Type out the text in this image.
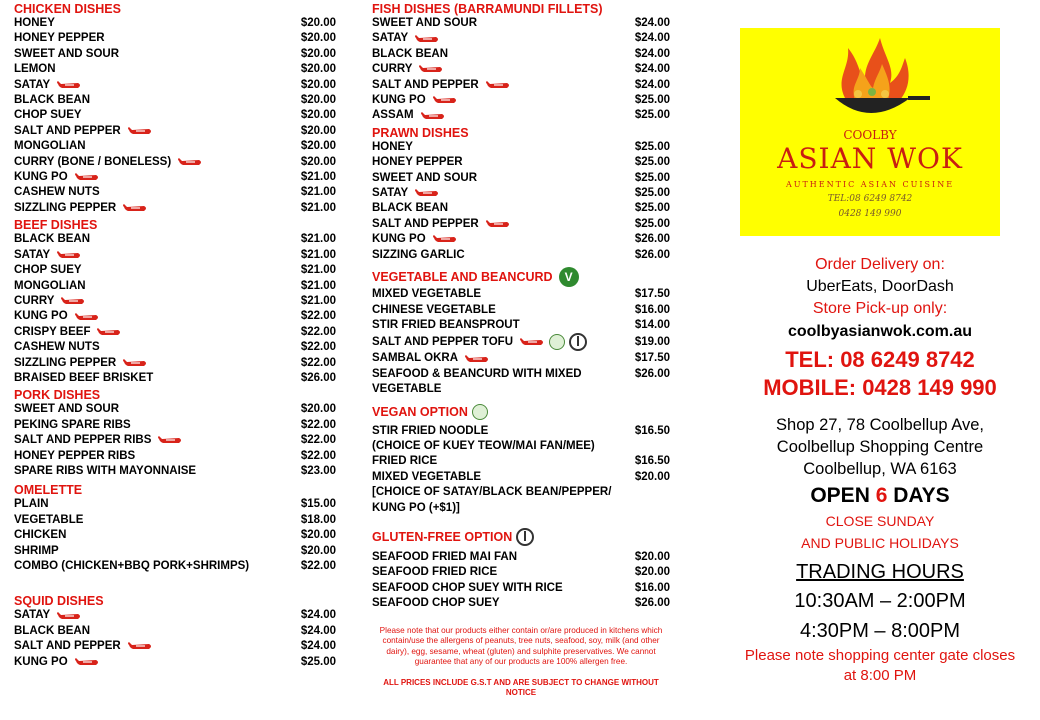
CHICKEN DISHES
HONEY	$20.00
HONEY PEPPER	$20.00
SWEET AND SOUR	$20.00
LEMON	$20.00
SATAY	$20.00
BLACK BEAN	$20.00
CHOP SUEY	$20.00
SALT AND PEPPER	$20.00
MONGOLIAN	$20.00
CURRY (BONE / BONELESS)	$20.00
KUNG PO	$21.00
CASHEW NUTS	$21.00
SIZZLING PEPPER	$21.00
BEEF DISHES
BLACK BEAN	$21.00
SATAY	$21.00
CHOP SUEY	$21.00
MONGOLIAN	$21.00
CURRY	$21.00
KUNG PO	$22.00
CRISPY BEEF	$22.00
CASHEW NUTS	$22.00
SIZZLING PEPPER	$22.00
BRAISED BEEF BRISKET	$26.00
PORK DISHES
SWEET AND SOUR	$20.00
PEKING SPARE RIBS	$22.00
SALT AND PEPPER RIBS	$22.00
HONEY PEPPER RIBS	$22.00
SPARE RIBS WITH MAYONNAISE	$23.00
OMELETTE
PLAIN	$15.00
VEGETABLE	$18.00
CHICKEN	$20.00
SHRIMP	$20.00
COMBO (CHICKEN+BBQ PORK+SHRIMPS)	$22.00
SQUID DISHES
SATAY	$24.00
BLACK BEAN	$24.00
SALT AND PEPPER	$24.00
KUNG PO	$25.00
FISH DISHES (BARRAMUNDI FILLETS)
SWEET AND SOUR	$24.00
SATAY	$24.00
BLACK BEAN	$24.00
CURRY	$24.00
SALT AND PEPPER	$24.00
KUNG PO	$25.00
ASSAM	$25.00
PRAWN DISHES
HONEY	$25.00
HONEY PEPPER	$25.00
SWEET AND SOUR	$25.00
SATAY	$25.00
BLACK BEAN	$25.00
SALT AND PEPPER	$25.00
KUNG PO	$26.00
SIZZING GARLIC	$26.00
VEGETABLE AND BEANCURD
V
MIXED VEGETABLE	$17.50
CHINESE VEGETABLE	$16.00
STIR FRIED BEANSPROUT	$14.00
SALT AND PEPPER TOFU	$19.00
SAMBAL OKRA	$17.50
SEAFOOD & BEANCURD WITH MIXED	$26.00
VEGETABLE
VEGAN OPTION
STIR FRIED NOODLE	$16.50
(CHOICE OF KUEY TEOW/MAI FAN/MEE)
FRIED RICE	$16.50
MIXED VEGETABLE	$20.00
[CHOICE OF SATAY/BLACK BEAN/PEPPER/
KUNG PO (+$1)]
GLUTEN-FREE OPTION
SEAFOOD FRIED MAI FAN	$20.00
SEAFOOD FRIED RICE	$20.00
SEAFOOD CHOP SUEY WITH RICE	$16.00
SEAFOOD CHOP SUEY	$26.00
Please note that our products either contain or/are produced in kitchens which contain/use the allergens of peanuts, tree nuts, seafood, soy, milk (and other dairy), egg, sesame, wheat (gluten) and sulphite preservatives. We cannot guarantee that any of our products are 100% allergen free.
ALL PRICES INCLUDE G.S.T AND ARE SUBJECT TO CHANGE WITHOUT NOTICE
COOLBY
ASIAN WOK
AUTHENTIC ASIAN CUISINE
TEL:08 6249 8742
0428 149 990
Order Delivery on:
UberEats, DoorDash
Store Pick-up only:
coolbyasianwok.com.au
TEL: 08 6249 8742
MOBILE: 0428 149 990
Shop 27, 78 Coolbellup Ave,
Coolbellup Shopping Centre
Coolbellup, WA 6163
OPEN 6 DAYS
CLOSE SUNDAY
AND PUBLIC HOLIDAYS
TRADING HOURS
10:30AM – 2:00PM
4:30PM – 8:00PM
Please note shopping center gate closes
at 8:00 PM
